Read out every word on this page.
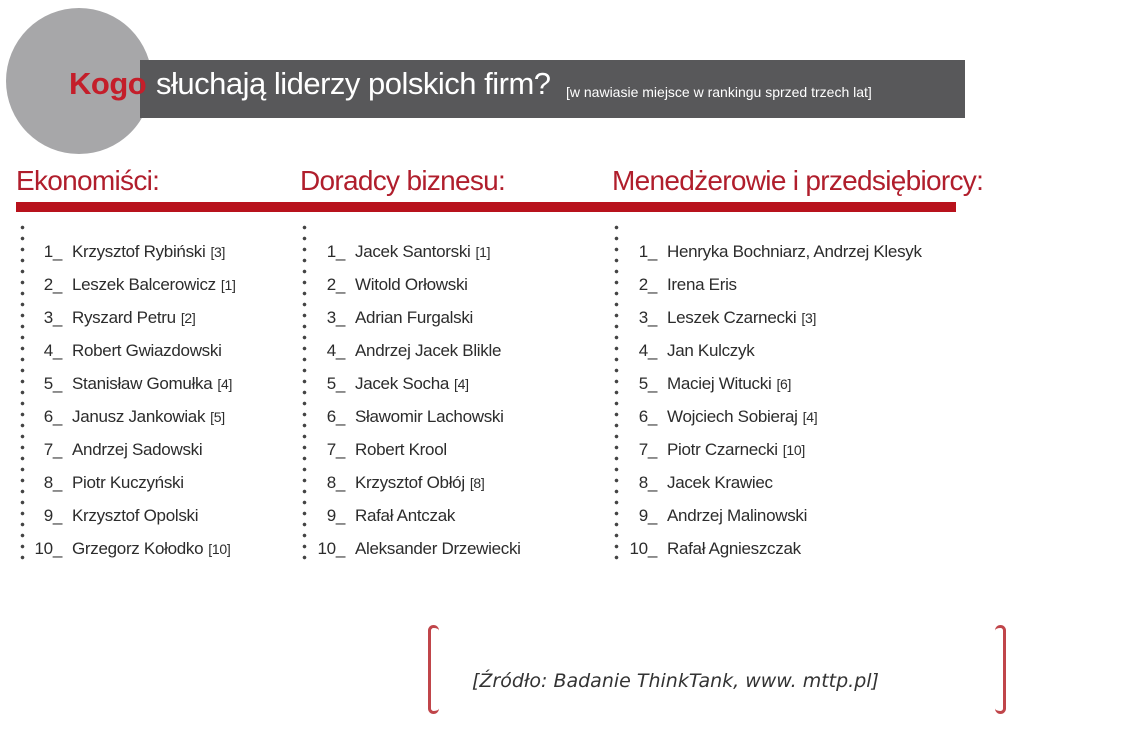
Kogo słuchają liderzy polskich firm? [w nawiasie miejsce w rankingu sprzed trzech lat]
Ekonomiści:	Doradcy biznesu:	Menedżerowie i przedsiębiorcy:
1_ Krzysztof Rybiński [3]
2_ Leszek Balcerowicz [1]
3_ Ryszard Petru [2]
4_ Robert Gwiazdowski
5_ Stanisław Gomułka [4]
6_ Janusz Jankowiak [5]
7_ Andrzej Sadowski
8_ Piotr Kuczyński
9_ Krzysztof Opolski
10_ Grzegorz Kołodko [10]
1_ Jacek Santorski [1]
2_ Witold Orłowski
3_ Adrian Furgalski
4_ Andrzej Jacek Blikle
5_ Jacek Socha [4]
6_ Sławomir Lachowski
7_ Robert Krool
8_ Krzysztof Obłój [8]
9_ Rafał Antczak
10_ Aleksander Drzewiecki
1_ Henryka Bochniarz, Andrzej Klesyk
2_ Irena Eris
3_ Leszek Czarnecki [3]
4_ Jan Kulczyk
5_ Maciej Witucki [6]
6_ Wojciech Sobieraj [4]
7_ Piotr Czarnecki [10]
8_ Jacek Krawiec
9_ Andrzej Malinowski
10_ Rafał Agnieszczak
[Źródło: Badanie ThinkTank, www. mttp.pl]
